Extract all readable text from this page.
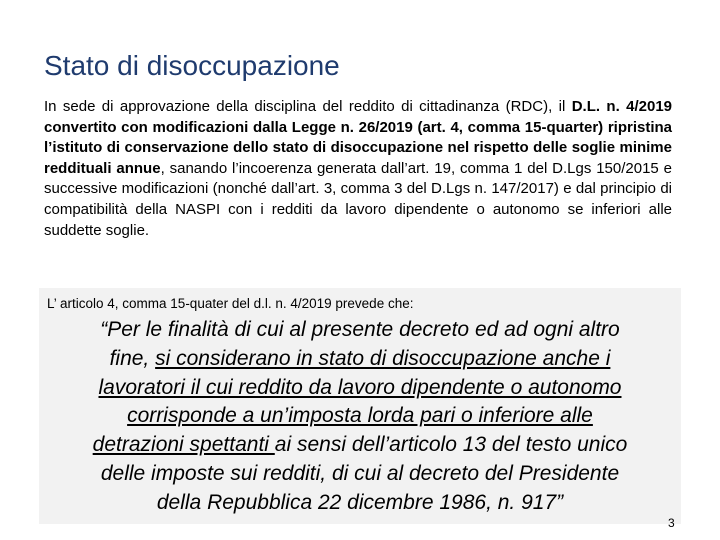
Stato di disoccupazione

In sede di approvazione della disciplina del reddito di cittadinanza (RDC), il D.L. n. 4/2019 convertito con modificazioni dalla Legge n. 26/2019 (art. 4, comma 15-quarter) ripristina l’istituto di conservazione dello stato di disoccupazione nel rispetto delle soglie minime reddituali annue, sanando l’incoerenza generata dall’art. 19, comma 1 del D.Lgs 150/2015 e successive modificazioni (nonché dall’art. 3, comma 3 del D.Lgs n. 147/2017) e dal principio di compatibilità della NASPI con i redditi da lavoro dipendente o autonomo se inferiori alle suddette soglie.

L’ articolo 4, comma 15-quater del d.l. n. 4/2019 prevede che:
“Per le finalità di cui al presente decreto ed ad ogni altro
fine, si considerano in stato di disoccupazione anche i
lavoratori il cui reddito da lavoro dipendente o autonomo
corrisponde a un’imposta lorda pari o inferiore alle
detrazioni spettanti ai sensi dell’articolo 13 del testo unico
delle imposte sui redditi, di cui al decreto del Presidente
della Repubblica 22 dicembre 1986, n. 917”
3
